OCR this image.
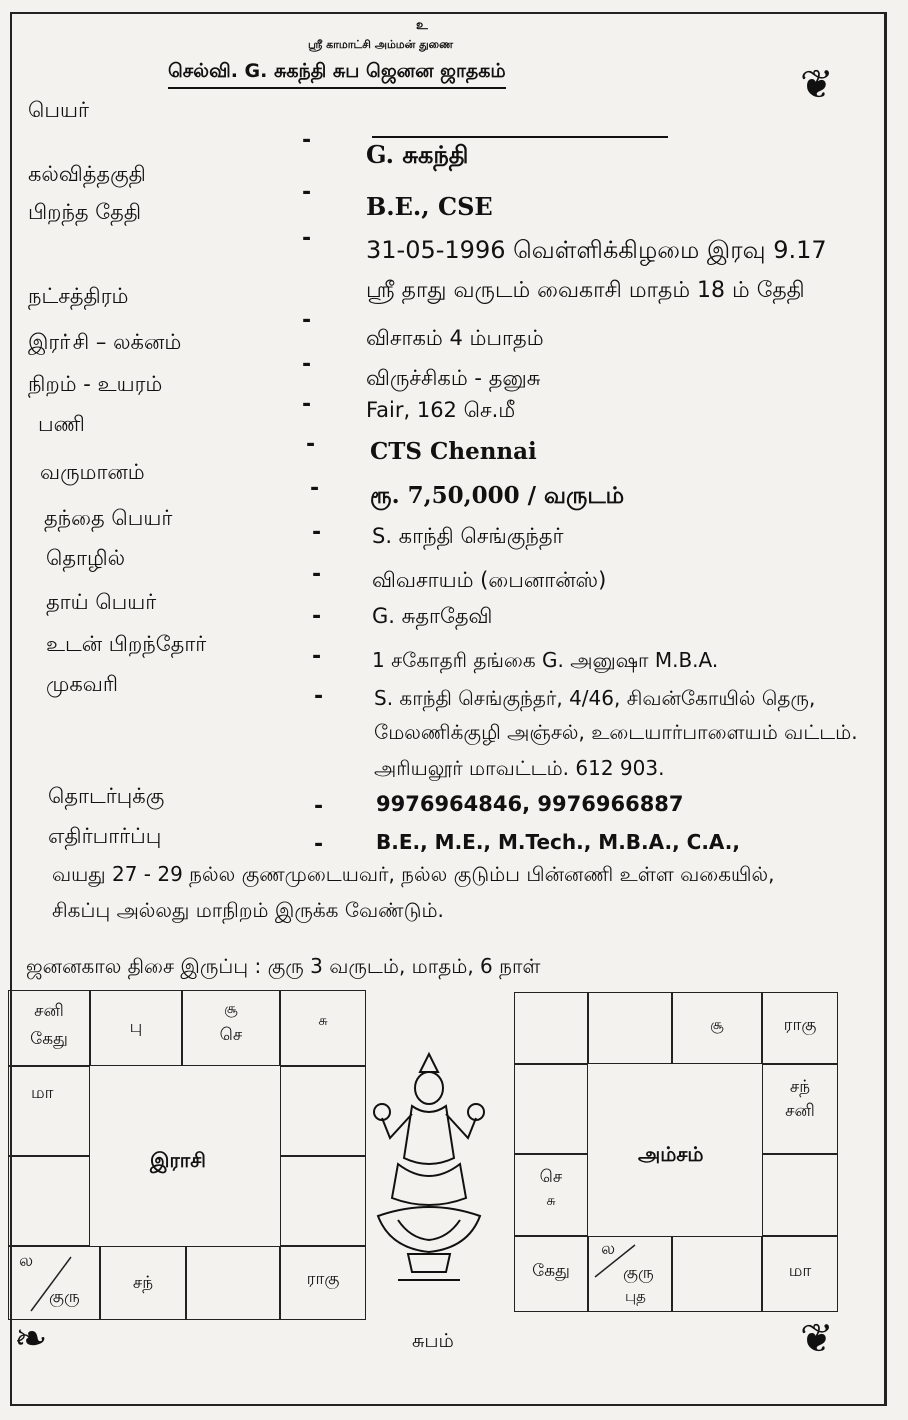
உ
ஸ்ரீ காமாட்சி அம்மன் துணை
செல்வி. G. சுகந்தி சுப ஜெனன ஜாதகம்	❦
❧	❦
பெயர்
- G. சுகந்தி
கல்வித்தகுதி
- B.E., CSE
பிறந்த தேதி
- 31-05-1996 வெள்ளிக்கிழமை இரவு 9.17
ஸ்ரீ தாது வருடம் வைகாசி மாதம் 18 ம் தேதி
நட்சத்திரம்
-
விசாகம் 4 ம்பாதம்
இரா்சி – லக்னம்
-
விருச்சிகம் - தனுசு
நிறம் - உயரம்
-	Fair, 162 செ.மீ
பணி
- CTS Chennai
வருமானம்
- ரூ. 7,50,000 / வருடம்
தந்தை பெயர்
- S. காந்தி செங்குந்தர்
தொழில்
- விவசாயம் (பைனான்ஸ்)
தாய் பெயர்
- G. சுதாதேவி
உடன் பிறந்தோர்	-	1 சகோதரி தங்கை G. அனுஷா M.B.A.
முகவரி	-	S. காந்தி செங்குந்தர், 4/46, சிவன்கோயில் தெரு,
மேலணிக்குழி அஞ்சல், உடையார்பாளையம் வட்டம்.
அரியலூர் மாவட்டம். 612 903.
தொடர்புக்கு	-	9976964846, 9976966887
எதிர்பார்ப்பு	-	B.E., M.E., M.Tech., M.B.A., C.A.,
வயது 27 - 29 நல்ல குணமுடையவர், நல்ல குடும்ப பின்னணி உள்ள வகையில்,
சிகப்பு அல்லது மாநிறம் இருக்க வேண்டும்.
ஜனனகால திசை இருப்பு : குரு 3 வருடம், மாதம், 6 நாள்
சனி
கேது
பு
சூ
செ
சு
மா
இராசி
ல
குரு
சந்	ராகு
சூ	ராகு
சந்
சனி
செ
சு
அம்சம்
கேது
ல
குரு
புத
மா
சுபம்
